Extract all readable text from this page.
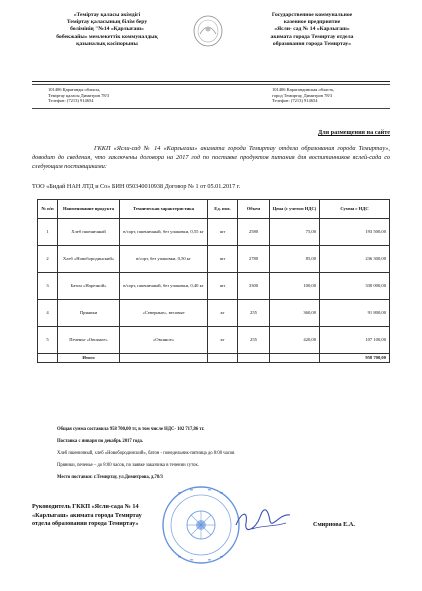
«Теміртау қаласы әкімдігі
Теміртау қаласының білім беру
бөлімінің "№14 «Қарлығаш»
бөбекжайы» мемлекеттік коммуналдық
қазыналық кәсіпорыны
Государственное коммунальное
казенное предприятие
«Ясли- сад № 14 «Карлыгаш»
акимата города Темиртау отдела
образования города Темиртау»
101406 Қарағанды облысы,
Теміртау қаласы Димитров 78/3
Телефон: (7213) 914654
101406 Карагандинская область,
город Темиртау, Димитров 78/3
Телефон: (7213) 914654
Для размещения на сайте
ГККП «Ясли-сад № 14 «Карлыгаш» акимата города Темиртау отдела образования города Темиртау», доводит до сведения, что заключены договора на 2017 год по поставке продуктов питания для воспитанников яслей-сада со следующим поставщиками:
ТОО «Бидай НАН ЛТД и Со» БИН 050340010938 Договор № 1 от 05.01.2017 г.
№ п/п	Наименование продукта	Техническая характеристика	Ед. изм.	Объем	Цена (с учетом НДС)	Сумма с НДС
1	Хлеб пшеничный	в/сорт, пшеничный, без упаковки, 0,55 кг	шт	2580	75,00	193 500,00
2	Хлеб «Новобородинский»	в/сорт, без упаковки, 0,50 кг	шт	2780	85,00	236 300,00
3	Батон «Нарезной»	в/сорт, пшеничный, без упаковки, 0,40 кг	шт	3300	100,00	330 000,00
4	Пряники	«Северные», весовые	кг	255	360,00	91 800,00
5	Печенье «Овсяное»	«Овсяное»	кг	255	420,00	107 100,00
	Итого					958 700,00

Общая сумма составила 958 700,00 тг, в том числе НДС- 102 717,86 тг.

Поставка с января по декабрь 2017 года.

Хлеб пшеничный, хлеб «Новобородинский», батон - понедельник-пятница до 8:00 часов

Пряники, печенье – до 8:00 часов, по заявке заказчика в течении суток.

Место поставки: г.Темиртау, ул.Димитрова, д.78/3

Руководитель ГККП «Ясли-сада № 14
«Карлыгаш» акимата города Темиртау
отдела образования города Темиртау»	Смирнова Е.А.
